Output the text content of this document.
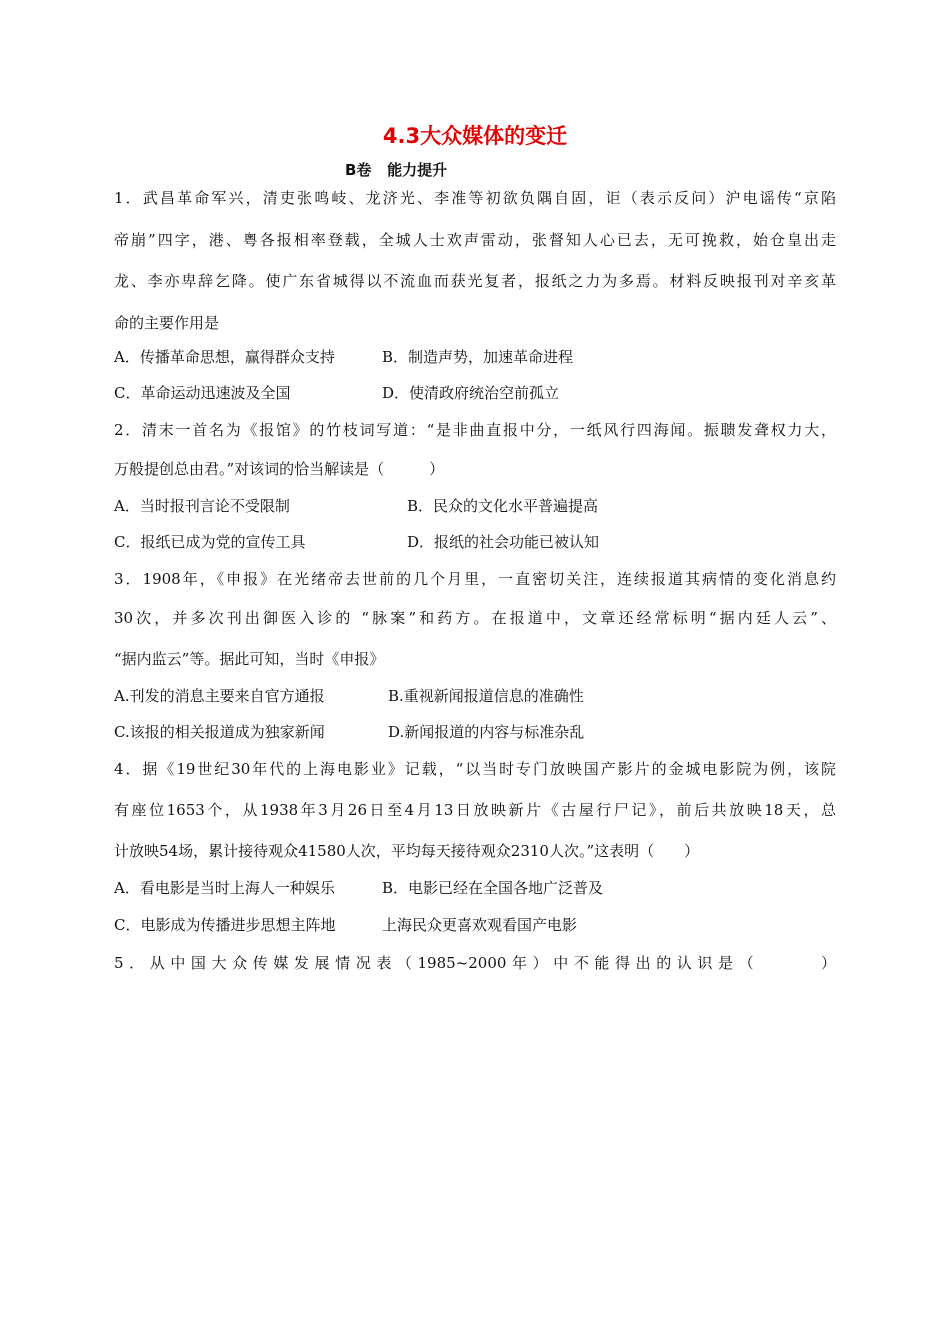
4.3大众媒体的变迁
B卷   能力提升
1．武昌革命军兴，清吏张鸣岐、龙济光、李准等初欲负隅自固，讵（表示反问）沪电谣传“京陷
帝崩”四字，港、粤各报相率登载，全城人士欢声雷动，张督知人心已去，无可挽救，始仓皇出走
龙、李亦卑辞乞降。使广东省城得以不流血而获光复者，报纸之力为多焉。材料反映报刊对辛亥革
命的主要作用是
A．传播革命思想，赢得群众支持	B．制造声势，加速革命进程
C．革命运动迅速波及全国	D．使清政府统治空前孤立
2．清末一首名为《报馆》的竹枝词写道：“是非曲直报中分，一纸风行四海闻。振聩发聋权力大，
万般提创总由君。”对该词的恰当解读是（　　　）
A．当时报刊言论不受限制	B．民众的文化水平普遍提高
C．报纸已成为党的宣传工具	D．报纸的社会功能已被认知
3．1908年，《申报》在光绪帝去世前的几个月里，一直密切关注，连续报道其病情的变化消息约
30次，并多次刊出御医入诊的 “脉案”和药方。在报道中，文章还经常标明“据内廷人云”、
“据内监云”等。据此可知，当时《申报》
A.刊发的消息主要来自官方通报	B.重视新闻报道信息的准确性
C.该报的相关报道成为独家新闻	D.新闻报道的内容与标准杂乱
4．据《19世纪30年代的上海电影业》记载，“以当时专门放映国产影片的金城电影院为例，该院
有座位1653个，从1938年3月26日至4月13日放映新片《古屋行尸记》，前后共放映18天，总
计放映54场，累计接待观众41580人次，平均每天接待观众2310人次。”这表明（　　）
A．看电影是当时上海人一种娱乐	B．电影已经在全国各地广泛普及
C．电影成为传播进步思想主阵地	上海民众更喜欢观看国产电影
5．从中国大众传媒发展情况表（1985~2000年）中不能得出的认识是（　　　）
